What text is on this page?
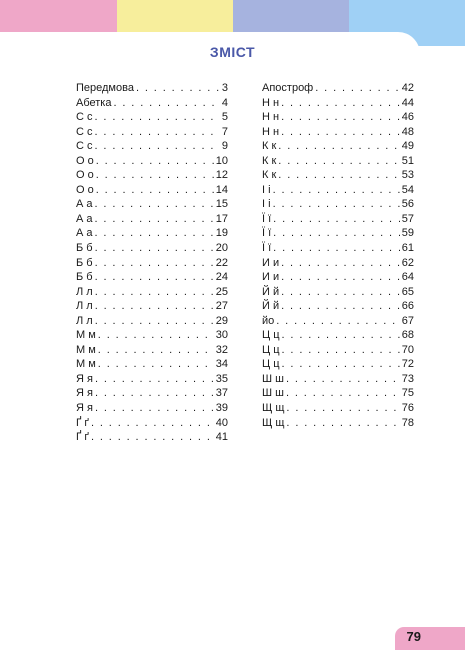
ЗМІСТ
Передмова . . .	3
Абетка . . .	4
С с . . .	5
С с . . .	7
С с . . .	9
О о . . .	10
О о . . .	12
О о . . .	14
А а . . .	15
А а . . .	17
А а . . .	19
Б б . . .	20
Б б . . .	22
Б б . . .	24
Л л . . .	25
Л л . . .	27
Л л . . .	29
М м . . .	30
М м . . .	32
М м . . .	34
Я я . . .	35
Я я . . .	37
Я я . . .	39
Ґ ґ . . .	40
Ґ ґ . . .	41
Апостроф . . .	42
Н н . . .	44
Н н . . .	46
Н н . . .	48
К к . . .	49
К к . . .	51
К к . . .	53
І і . . .	54
І і . . .	56
Ї ї . . .	57
Ї ї . . .	59
Ї ї . . .	61
И и . . .	62
И и . . .	64
Й й . . .	65
Й й . . .	66
йо . . .	67
Ц ц . . .	68
Ц ц . . .	70
Ц ц . . .	72
Ш ш . . .	73
Ш ш . . .	75
Щ щ . . .	76
Щ щ . . .	78
79
